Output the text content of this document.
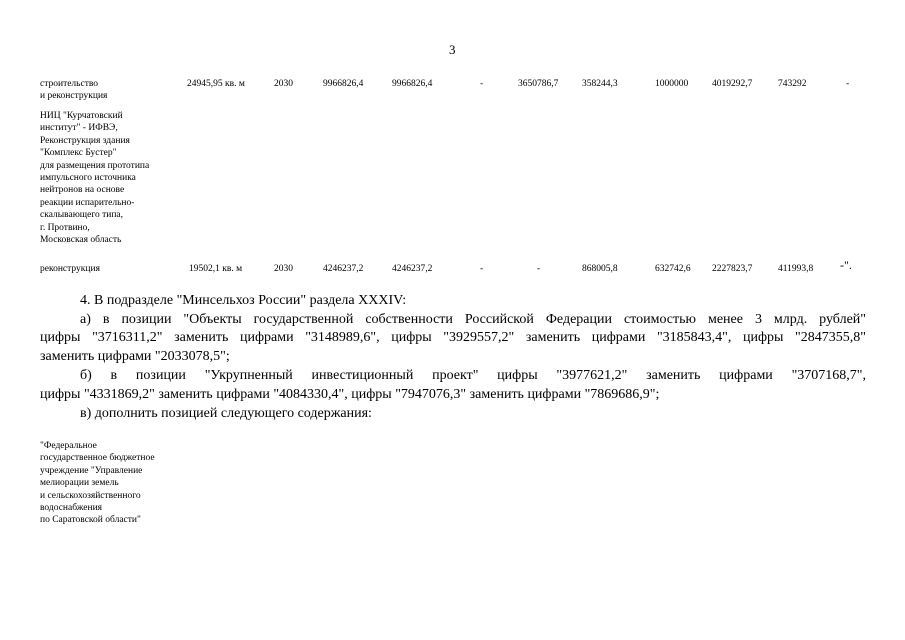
3
строительство
и реконструкция
24945,95 кв. м	2030	9966826,4	9966826,4	-	3650786,7 358244,3	1000000	4019292,7	743292	-
НИЦ "Курчатовский
институт" - ИФВЭ,
Реконструкция здания
"Комплекс Бустер"
для размещения прототипа
импульсного источника
нейтронов на основе
реакции испарительно-
скалывающего типа,
г. Протвино,
Московская область
реконструкция	19502,1 кв. м	2030	4246237,2	4246237,2	-	-	868005,8	632742,6 2227823,7	411993,8 -".
4. В подразделе "Минсельхоз России" раздела XXXIV:
а) в позиции "Объекты государственной собственности Российской Федерации стоимостью менее 3 млрд. рублей"
цифры "3716311,2" заменить цифрами "3148989,6", цифры "3929557,2" заменить цифрами "3185843,4", цифры "2847355,8"
заменить цифрами "2033078,5";
б) в позиции "Укрупненный инвестиционный проект" цифры "3977621,2" заменить цифрами "3707168,7",
цифры "4331869,2" заменить цифрами "4084330,4", цифры "7947076,3" заменить цифрами "7869686,9";
в) дополнить позицией следующего содержания:
"Федеральное
государственное бюджетное
учреждение "Управление
мелиорации земель
и сельскохозяйственного
водоснабжения
по Саратовской области"
